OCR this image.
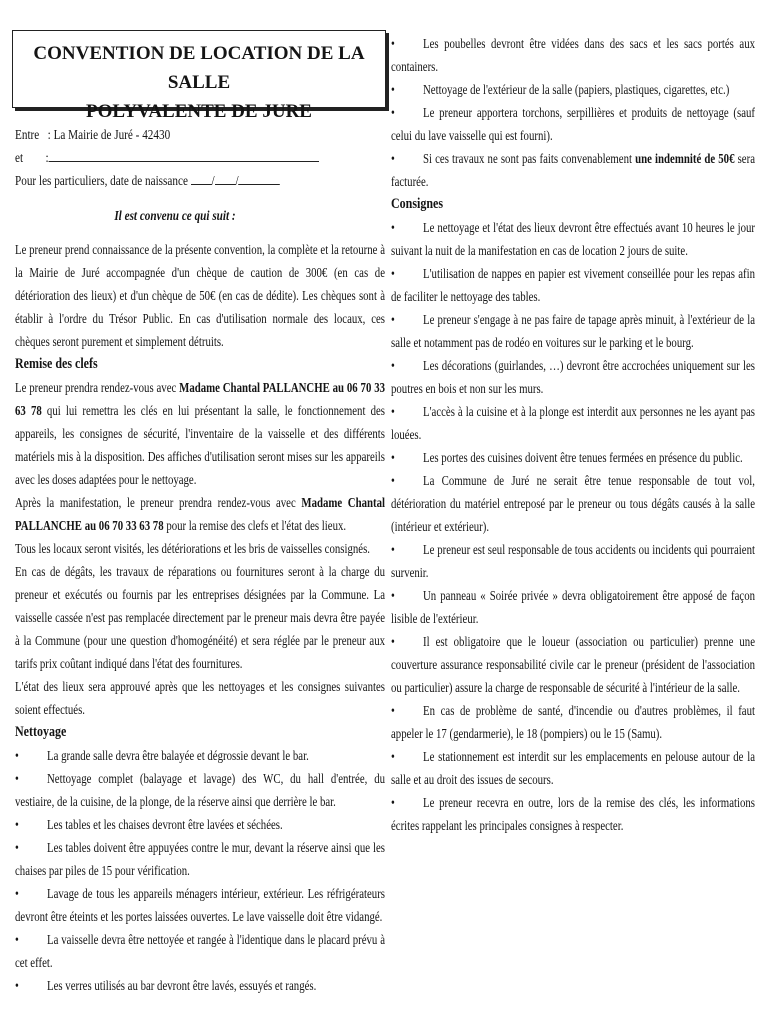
CONVENTION DE LOCATION DE LA SALLE
POLYVALENTE DE JURE

Entre : La Mairie de Juré - 42430

et :

Pour les particuliers, date de naissance / /

Il est convenu ce qui suit :

Le preneur prend connaissance de la présente convention, la complète et la retourne à la Mairie de Juré accompagnée d'un chèque de caution de 300€ (en cas de détérioration des lieux) et d'un chèque de 50€ (en cas de dédite). Les chèques sont à établir à l'ordre du Trésor Public. En cas d'utilisation normale des locaux, ces chèques seront purement et simplement détruits.

Remise des clefs

Le preneur prendra rendez-vous avec Madame Chantal PALLANCHE au 06 70 33 63 78 qui lui remettra les clés en lui présentant la salle, le fonctionnement des appareils, les consignes de sécurité, l'inventaire de la vaisselle et des différents matériels mis à la disposition. Des affiches d'utilisation seront mises sur les appareils avec les doses adaptées pour le nettoyage.

Après la manifestation, le preneur prendra rendez-vous avec Madame Chantal PALLANCHE au 06 70 33 63 78 pour la remise des clefs et l'état des lieux.

Tous les locaux seront visités, les détériorations et les bris de vaisselles consignés.

En cas de dégâts, les travaux de réparations ou fournitures seront à la charge du preneur et exécutés ou fournis par les entreprises désignées par la Commune. La vaisselle cassée n'est pas remplacée directement par le preneur mais devra être payée à la Commune (pour une question d'homogénéité) et sera réglée par le preneur aux tarifs prix coûtant indiqué dans l'état des fournitures.

L'état des lieux sera approuvé après que les nettoyages et les consignes suivantes soient effectués.

Nettoyage

• La grande salle devra être balayée et dégrossie devant le bar.

• Nettoyage complet (balayage et lavage) des WC, du hall d'entrée, du vestiaire, de la cuisine, de la plonge, de la réserve ainsi que derrière le bar.

• Les tables et les chaises devront être lavées et séchées.

• Les tables doivent être appuyées contre le mur, devant la réserve ainsi que les chaises par piles de 15 pour vérification.

• Lavage de tous les appareils ménagers intérieur, extérieur. Les réfrigérateurs devront être éteints et les portes laissées ouvertes. Le lave vaisselle doit être vidangé.

• La vaisselle devra être nettoyée et rangée à l'identique dans le placard prévu à cet effet.

• Les verres utilisés au bar devront être lavés, essuyés et rangés.

• Les poubelles devront être vidées dans des sacs et les sacs portés aux containers.

• Nettoyage de l'extérieur de la salle (papiers, plastiques, cigarettes, etc.)

• Le preneur apportera torchons, serpillières et produits de nettoyage (sauf celui du lave vaisselle qui est fourni).

• Si ces travaux ne sont pas faits convenablement une indemnité de 50€ sera facturée.

Consignes

• Le nettoyage et l'état des lieux devront être effectués avant 10 heures le jour suivant la nuit de la manifestation en cas de location 2 jours de suite.

• L'utilisation de nappes en papier est vivement conseillée pour les repas afin de faciliter le nettoyage des tables.

• Le preneur s'engage à ne pas faire de tapage après minuit, à l'extérieur de la salle et notamment pas de rodéo en voitures sur le parking et le bourg.

• Les décorations (guirlandes, …) devront être accrochées uniquement sur les poutres en bois et non sur les murs.

• L'accès à la cuisine et à la plonge est interdit aux personnes ne les ayant pas louées.

• Les portes des cuisines doivent être tenues fermées en présence du public.

• La Commune de Juré ne serait être tenue responsable de tout vol, détérioration du matériel entreposé par le preneur ou tous dégâts causés à la salle (intérieur et extérieur).

• Le preneur est seul responsable de tous accidents ou incidents qui pourraient survenir.

• Un panneau « Soirée privée » devra obligatoirement être apposé de façon lisible de l'extérieur.

• Il est obligatoire que le loueur (association ou particulier) prenne une couverture assurance responsabilité civile car le preneur (président de l'association ou particulier) assure la charge de responsable de sécurité à l'intérieur de la salle.

• En cas de problème de santé, d'incendie ou d'autres problèmes, il faut appeler le 17 (gendarmerie), le 18 (pompiers) ou le 15 (Samu).

• Le stationnement est interdit sur les emplacements en pelouse autour de la salle et au droit des issues de secours.

• Le preneur recevra en outre, lors de la remise des clés, les informations écrites rappelant les principales consignes à respecter.
